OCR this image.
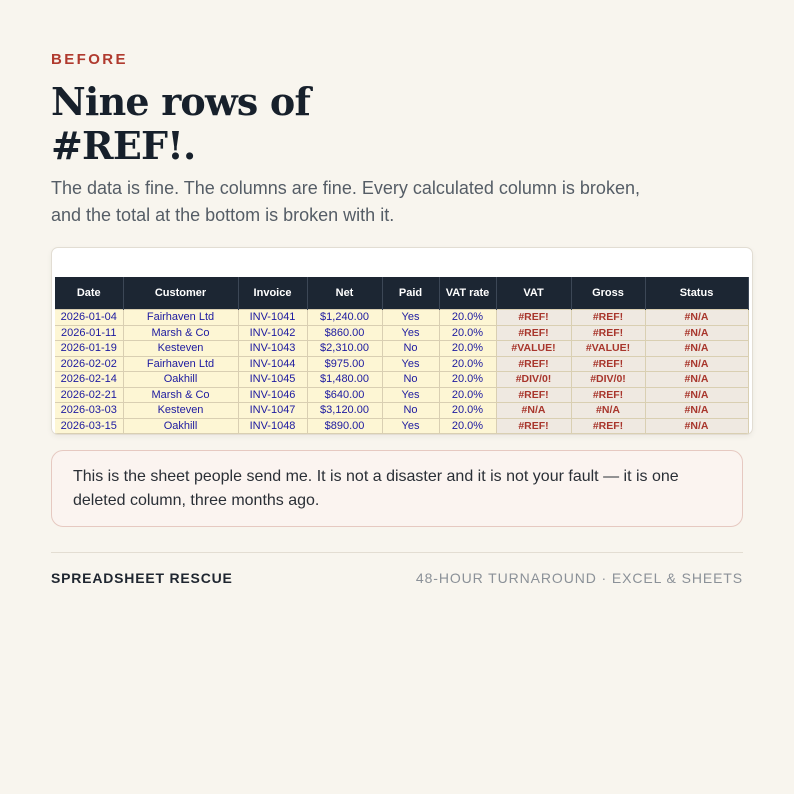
BEFORE
Nine rows of
#REF!.

The data is fine. The columns are fine. Every calculated column is broken, and the total at the bottom is broken with it.

Date	Customer	Invoice	Net	Paid	VAT rate	VAT	Gross	Status
2026-01-04	Fairhaven Ltd	INV-1041	$1,240.00	Yes	20.0%	#REF!	#REF!	#N/A
2026-01-11	Marsh & Co	INV-1042	$860.00	Yes	20.0%	#REF!	#REF!	#N/A
2026-01-19	Kesteven	INV-1043	$2,310.00	No	20.0%	#VALUE!	#VALUE!	#N/A
2026-02-02	Fairhaven Ltd	INV-1044	$975.00	Yes	20.0%	#REF!	#REF!	#N/A
2026-02-14	Oakhill	INV-1045	$1,480.00	No	20.0%	#DIV/0!	#DIV/0!	#N/A
2026-02-21	Marsh & Co	INV-1046	$640.00	Yes	20.0%	#REF!	#REF!	#N/A
2026-03-03	Kesteven	INV-1047	$3,120.00	No	20.0%	#N/A	#N/A	#N/A
2026-03-15	Oakhill	INV-1048	$890.00	Yes	20.0%	#REF!	#REF!	#N/A

This is the sheet people send me. It is not a disaster and it is not your fault — it is one deleted column, three months ago.

SPREADSHEET RESCUE	48-HOUR TURNAROUND · EXCEL & SHEETS
